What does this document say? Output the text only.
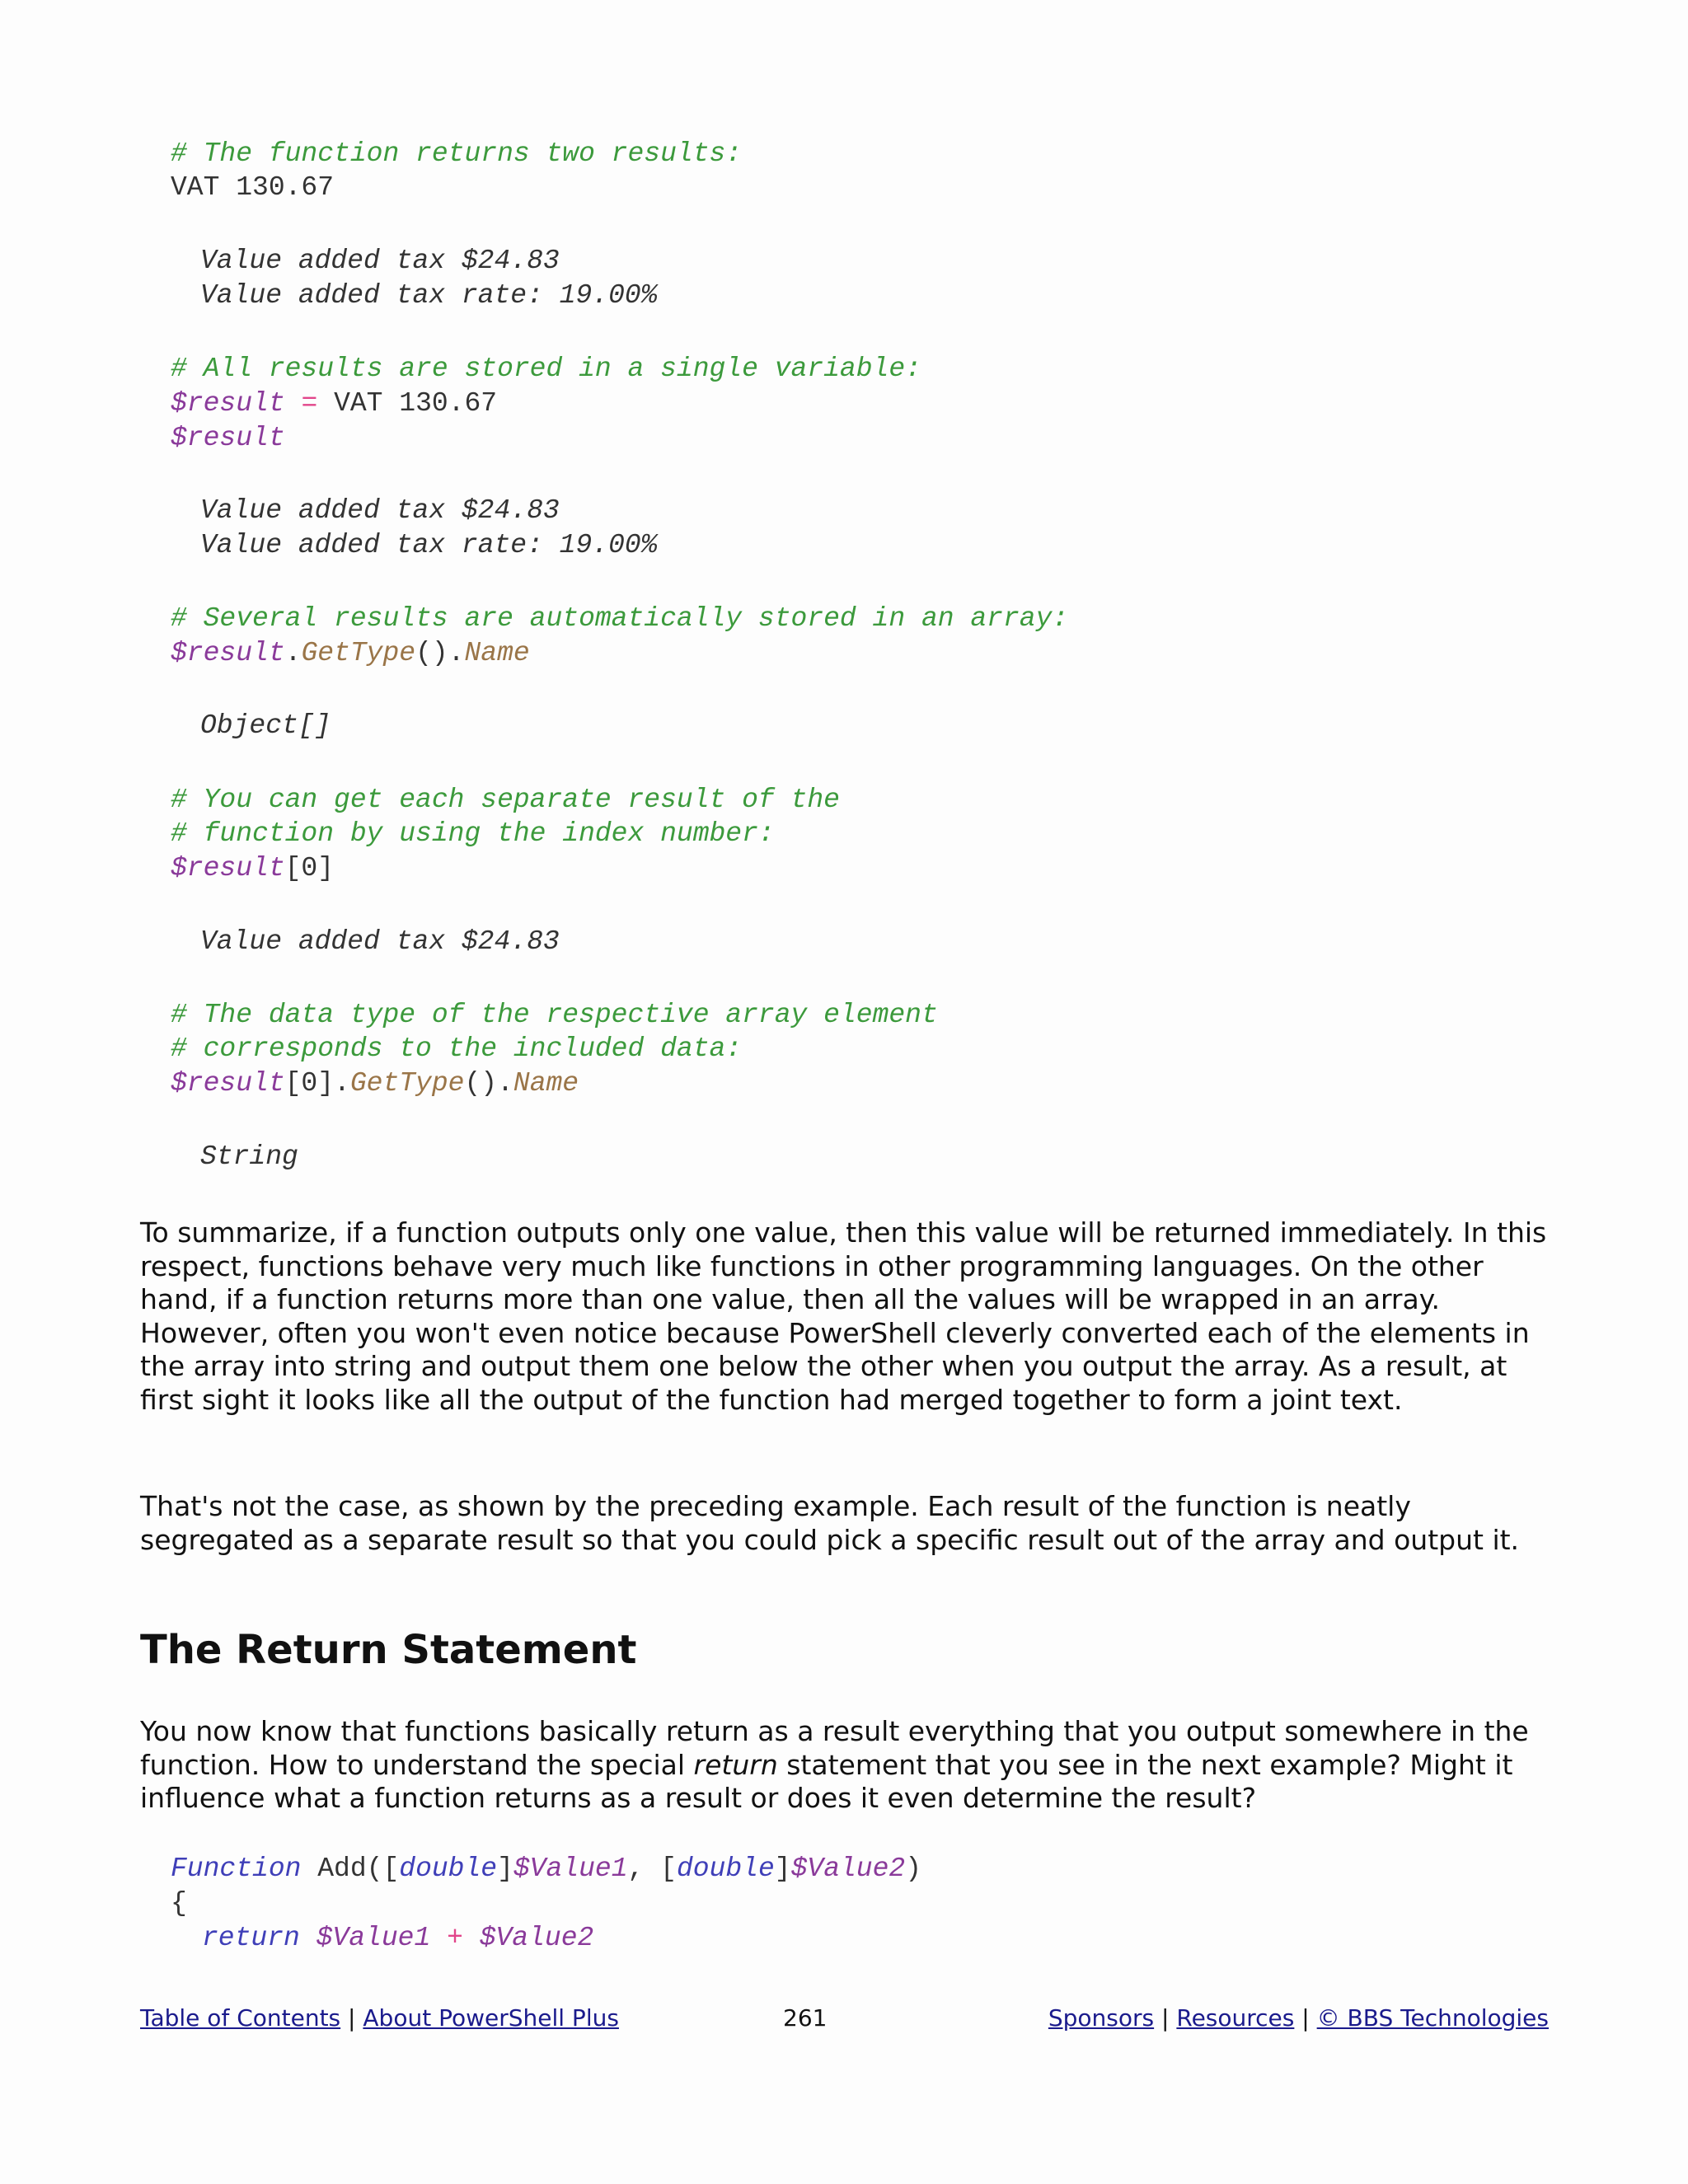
# The function returns two results:
VAT 130.67
Value added tax $24.83
Value added tax rate: 19.00%
# All results are stored in a single variable:
$result = VAT 130.67
$result
Value added tax $24.83
Value added tax rate: 19.00%
# Several results are automatically stored in an array:
$result.GetType().Name
Object[]
# You can get each separate result of the
# function by using the index number:
$result[0]
Value added tax $24.83
# The data type of the respective array element
# corresponds to the included data:
$result[0].GetType().Name
String

To summarize, if a function outputs only one value, then this value will be returned immediately. In this respect, functions behave very much like functions in other programming languages. On the other hand, if a function returns more than one value, then all the values will be wrapped in an array. However, often you won't even notice because PowerShell cleverly converted each of the elements in the array into string and output them one below the other when you output the array. As a result, at first sight it looks like all the output of the function had merged together to form a joint text.

That's not the case, as shown by the preceding example. Each result of the function is neatly segregated as a separate result so that you could pick a specific result out of the array and output it.

The Return Statement

You now know that functions basically return as a result everything that you output somewhere in the function. How to understand the special return statement that you see in the next example? Might it influence what a function returns as a result or does it even determine the result?

Function Add([double]$Value1, [double]$Value2)
{
return $Value1 + $Value2
Table of Contents | About PowerShell Plus	261	Sponsors | Resources | © BBS Technologies
